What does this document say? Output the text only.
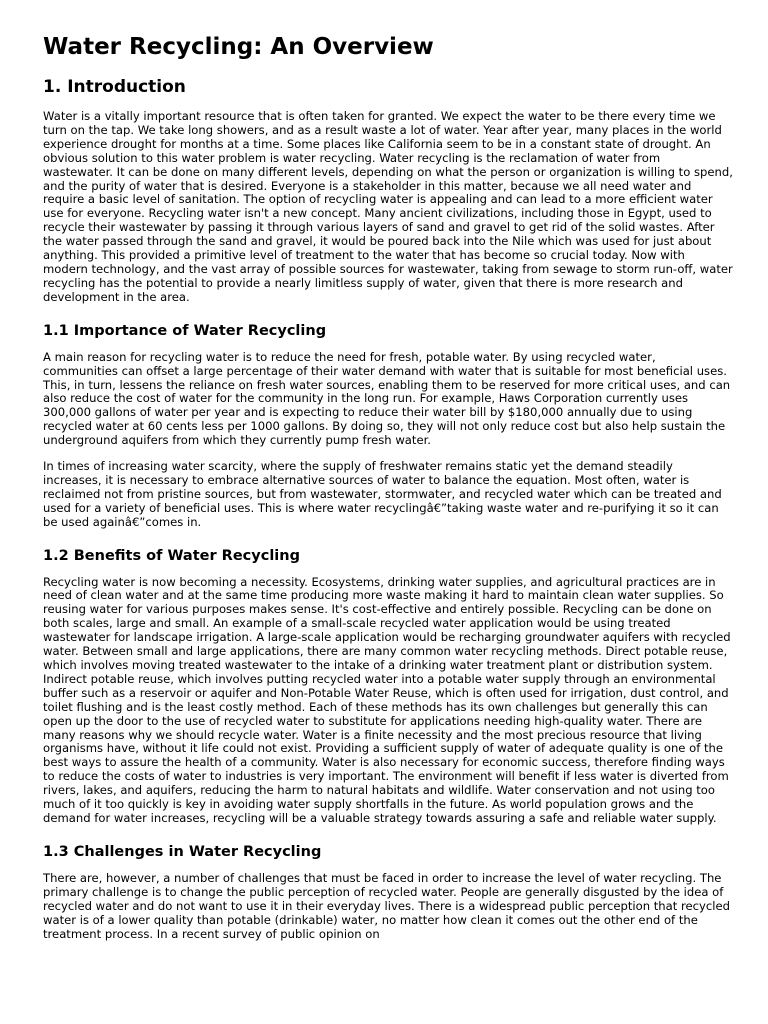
Water Recycling: An Overview
1. Introduction

Water is a vitally important resource that is often taken for granted. We expect the water to be there every time we turn on the tap. We take long showers, and as a result waste a lot of water. Year after year, many places in the world experience drought for months at a time. Some places like California seem to be in a constant state of drought. An obvious solution to this water problem is water recycling. Water recycling is the reclamation of water from wastewater. It can be done on many different levels, depending on what the person or organization is willing to spend, and the purity of water that is desired. Everyone is a stakeholder in this matter, because we all need water and require a basic level of sanitation. The option of recycling water is appealing and can lead to a more efficient water use for everyone. Recycling water isn't a new concept. Many ancient civilizations, including those in Egypt, used to recycle their wastewater by passing it through various layers of sand and gravel to get rid of the solid wastes. After the water passed through the sand and gravel, it would be poured back into the Nile which was used for just about anything. This provided a primitive level of treatment to the water that has become so crucial today. Now with modern technology, and the vast array of possible sources for wastewater, taking from sewage to storm run-off, water recycling has the potential to provide a nearly limitless supply of water, given that there is more research and development in the area.

1.1 Importance of Water Recycling

A main reason for recycling water is to reduce the need for fresh, potable water. By using recycled water, communities can offset a large percentage of their water demand with water that is suitable for most beneficial uses. This, in turn, lessens the reliance on fresh water sources, enabling them to be reserved for more critical uses, and can also reduce the cost of water for the community in the long run. For example, Haws Corporation currently uses 300,000 gallons of water per year and is expecting to reduce their water bill by $180,000 annually due to using recycled water at 60 cents less per 1000 gallons. By doing so, they will not only reduce cost but also help sustain the underground aquifers from which they currently pump fresh water.

In times of increasing water scarcity, where the supply of freshwater remains static yet the demand steadily increases, it is necessary to embrace alternative sources of water to balance the equation. Most often, water is reclaimed not from pristine sources, but from wastewater, stormwater, and recycled water which can be treated and used for a variety of beneficial uses. This is where water recyclingâ€”taking waste water and re-purifying it so it can be used againâ€”comes in.

1.2 Benefits of Water Recycling

Recycling water is now becoming a necessity. Ecosystems, drinking water supplies, and agricultural practices are in need of clean water and at the same time producing more waste making it hard to maintain clean water supplies. So reusing water for various purposes makes sense. It's cost-effective and entirely possible. Recycling can be done on both scales, large and small. An example of a small-scale recycled water application would be using treated wastewater for landscape irrigation. A large-scale application would be recharging groundwater aquifers with recycled water. Between small and large applications, there are many common water recycling methods. Direct potable reuse, which involves moving treated wastewater to the intake of a drinking water treatment plant or distribution system. Indirect potable reuse, which involves putting recycled water into a potable water supply through an environmental buffer such as a reservoir or aquifer and Non-Potable Water Reuse, which is often used for irrigation, dust control, and toilet flushing and is the least costly method. Each of these methods has its own challenges but generally this can open up the door to the use of recycled water to substitute for applications needing high-quality water. There are many reasons why we should recycle water. Water is a finite necessity and the most precious resource that living organisms have, without it life could not exist. Providing a sufficient supply of water of adequate quality is one of the best ways to assure the health of a community. Water is also necessary for economic success, therefore finding ways to reduce the costs of water to industries is very important. The environment will benefit if less water is diverted from rivers, lakes, and aquifers, reducing the harm to natural habitats and wildlife. Water conservation and not using too much of it too quickly is key in avoiding water supply shortfalls in the future. As world population grows and the demand for water increases, recycling will be a valuable strategy towards assuring a safe and reliable water supply.

1.3 Challenges in Water Recycling

There are, however, a number of challenges that must be faced in order to increase the level of water recycling. The primary challenge is to change the public perception of recycled water. People are generally disgusted by the idea of recycled water and do not want to use it in their everyday lives. There is a widespread public perception that recycled water is of a lower quality than potable (drinkable) water, no matter how clean it comes out the other end of the treatment process. In a recent survey of public opinion on
